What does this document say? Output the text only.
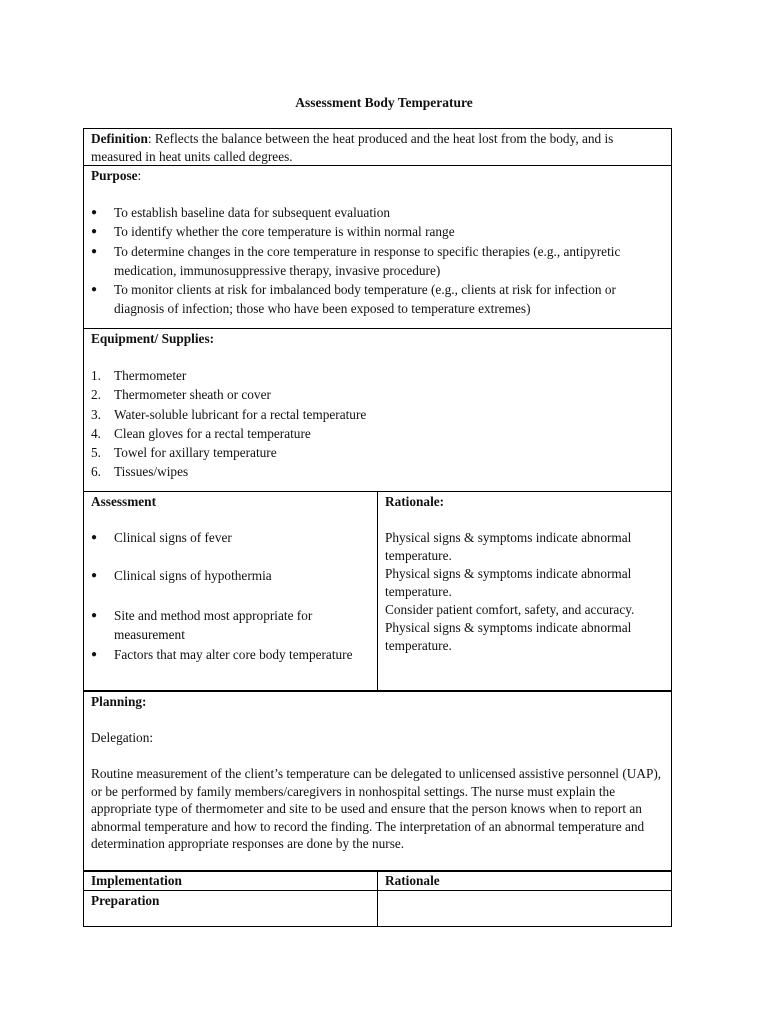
Assessment Body Temperature
Definition: Reflects the balance between the heat produced and the heat lost from the body, and is measured in heat units called degrees.

Purpose:

● To establish baseline data for subsequent evaluation
● To identify whether the core temperature is within normal range
● To determine changes in the core temperature in response to specific therapies (e.g., antipyretic medication, immunosuppressive therapy, invasive procedure)
● To monitor clients at risk for imbalanced body temperature (e.g., clients at risk for infection or diagnosis of infection; those who have been exposed to temperature extremes)

Equipment/ Supplies:

1. Thermometer
2. Thermometer sheath or cover
3. Water-soluble lubricant for a rectal temperature
4. Clean gloves for a rectal temperature
5. Towel for axillary temperature
6. Tissues/wipes

Assessment

● Clinical signs of fever
● Clinical signs of hypothermia
● Site and method most appropriate for measurement
● Factors that may alter core body temperature

Rationale:

Physical signs & symptoms indicate abnormal temperature.

Physical signs & symptoms indicate abnormal temperature.

Consider patient comfort, safety, and accuracy.

Physical signs & symptoms indicate abnormal temperature.

Planning:

Delegation:

Routine measurement of the client’s temperature can be delegated to unlicensed assistive personnel (UAP), or be performed by family members/caregivers in nonhospital settings. The nurse must explain the appropriate type of thermometer and site to be used and ensure that the person knows when to report an abnormal temperature and how to record the finding. The interpretation of an abnormal temperature and determination appropriate responses are done by the nurse.

Implementation	Rationale
Preparation
